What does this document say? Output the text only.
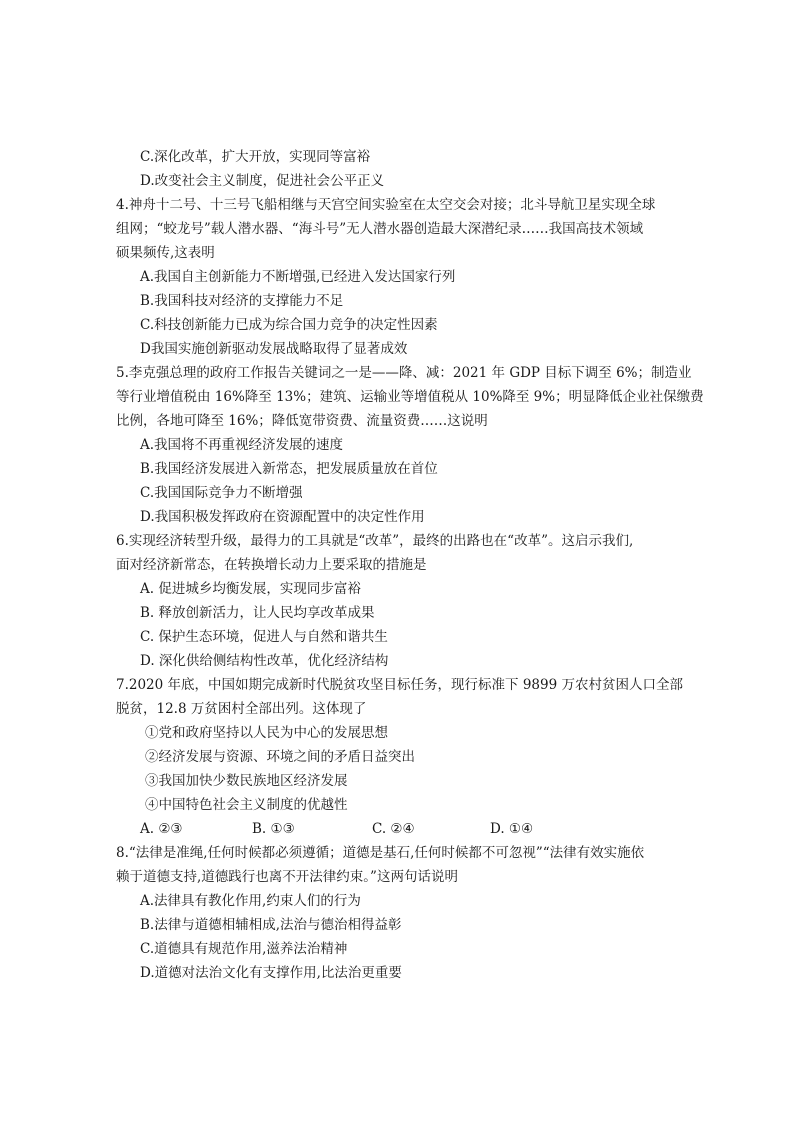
C.深化改革，扩大开放，实现同等富裕
D.改变社会主义制度，促进社会公平正义
4.神舟十二号、十三号飞船相继与天宫空间实验室在太空交会对接；北斗导航卫星实现全球
组网；“蛟龙号”载人潜水器、“海斗号”无人潜水器创造最大深潜纪录……我国高技术领域
硕果频传,这表明
A.我国自主创新能力不断增强,已经进入发达国家行列
B.我国科技对经济的支撑能力不足
C.科技创新能力已成为综合国力竞争的决定性因素
D我国实施创新驱动发展战略取得了显著成效
5.李克强总理的政府工作报告关键词之一是——降、减：2021 年 GDP 目标下调至 6%；制造业
等行业增值税由 16%降至 13%；建筑、运输业等增值税从 10%降至 9%；明显降低企业社保缴费
比例，各地可降至 16%；降低宽带资费、流量资费……这说明
A.我国将不再重视经济发展的速度
B.我国经济发展进入新常态，把发展质量放在首位
C.我国国际竞争力不断增强
D.我国积极发挥政府在资源配置中的决定性作用
6.实现经济转型升级，最得力的工具就是“改革”，最终的出路也在“改革”。这启示我们,
面对经济新常态，在转换增长动力上要采取的措施是
A. 促进城乡均衡发展，实现同步富裕
B. 释放创新活力，让人民均享改革成果
C. 保护生态环境，促进人与自然和谐共生
D. 深化供给侧结构性改革，优化经济结构
7.2020 年底，中国如期完成新时代脱贫攻坚目标任务，现行标准下 9899 万农村贫困人口全部
脱贫，12.8 万贫困村全部出列。这体现了
①党和政府坚持以人民为中心的发展思想
②经济发展与资源、环境之间的矛盾日益突出
③我国加快少数民族地区经济发展
④中国特色社会主义制度的优越性
A. ②③	B. ①③	C. ②④	D. ①④
8.“法律是准绳,任何时候都必须遵循；道德是基石,任何时候都不可忽视”“法律有效实施依
赖于道德支持,道德践行也离不开法律约束。”这两句话说明
A.法律具有教化作用,约束人们的行为
B.法律与道德相辅相成,法治与德治相得益彰
C.道德具有规范作用,滋养法治精神
D.道德对法治文化有支撑作用,比法治更重要
